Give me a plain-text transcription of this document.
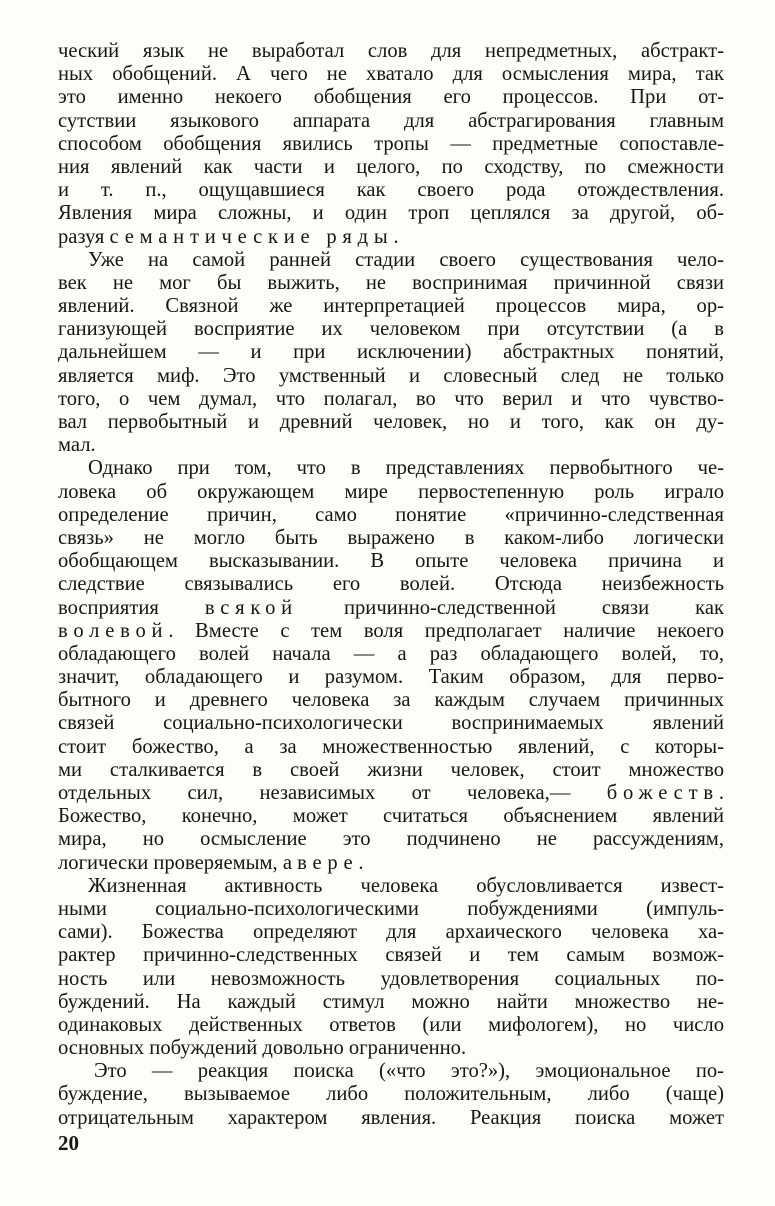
ческий язык не выработал слов для непредметных, абстракт-
ных обобщений. А чего не хватало для осмысления мира, так
это именно некоего обобщения его процессов. При от-
сутствии языкового аппарата для абстрагирования главным
способом обобщения явились тропы — предметные сопоставле-
ния явлений как части и целого, по сходству, по смежности
и т. п., ощущавшиеся как своего рода отождествления.
Явления мира сложны, и один троп цеплялся за другой, об-
разуя семантические ряды.
Уже на самой ранней стадии своего существования чело-
век не мог бы выжить, не воспринимая причинной связи
явлений. Связной же интерпретацией процессов мира, ор-
ганизующей восприятие их человеком при отсутствии (а в
дальнейшем — и при исключении) абстрактных понятий,
является миф. Это умственный и словесный след не только
того, о чем думал, что полагал, во что верил и что чувство-
вал первобытный и древний человек, но и того, как он ду-
мал.
Однако при том, что в представлениях первобытного че-
ловека об окружающем мире первостепенную роль играло
определение причин, само понятие «причинно-следственная
связь» не могло быть выражено в каком-либо логически
обобщающем высказывании. В опыте человека причина и
следствие связывались его волей. Отсюда неизбежность
восприятия всякой причинно-следственной связи как
волевой. Вместе с тем воля предполагает наличие некоего
обладающего волей начала — а раз обладающего волей, то,
значит, обладающего и разумом. Таким образом, для перво-
бытного и древнего человека за каждым случаем причинных
связей социально-психологически воспринимаемых явлений
стоит божество, а за множественностью явлений, с которы-
ми сталкивается в своей жизни человек, стоит множество
отдельных сил, независимых от человека,— божеств.
Божество, конечно, может считаться объяснением явлений
мира, но осмысление это подчинено не рассуждениям,
логически проверяемым, а вере.
Жизненная активность человека обусловливается извест-
ными социально-психологическими побуждениями (импуль-
сами). Божества определяют для архаического человека ха-
рактер причинно-следственных связей и тем самым возмож-
ность или невозможность удовлетворения социальных по-
буждений. На каждый стимул можно найти множество не-
одинаковых действенных ответов (или мифологем), но число
основных побуждений довольно ограниченно.
Это — реакция поиска («что это?»), эмоциональное по-
буждение, вызываемое либо положительным, либо (чаще)
отрицательным характером явления. Реакция поиска может
20
